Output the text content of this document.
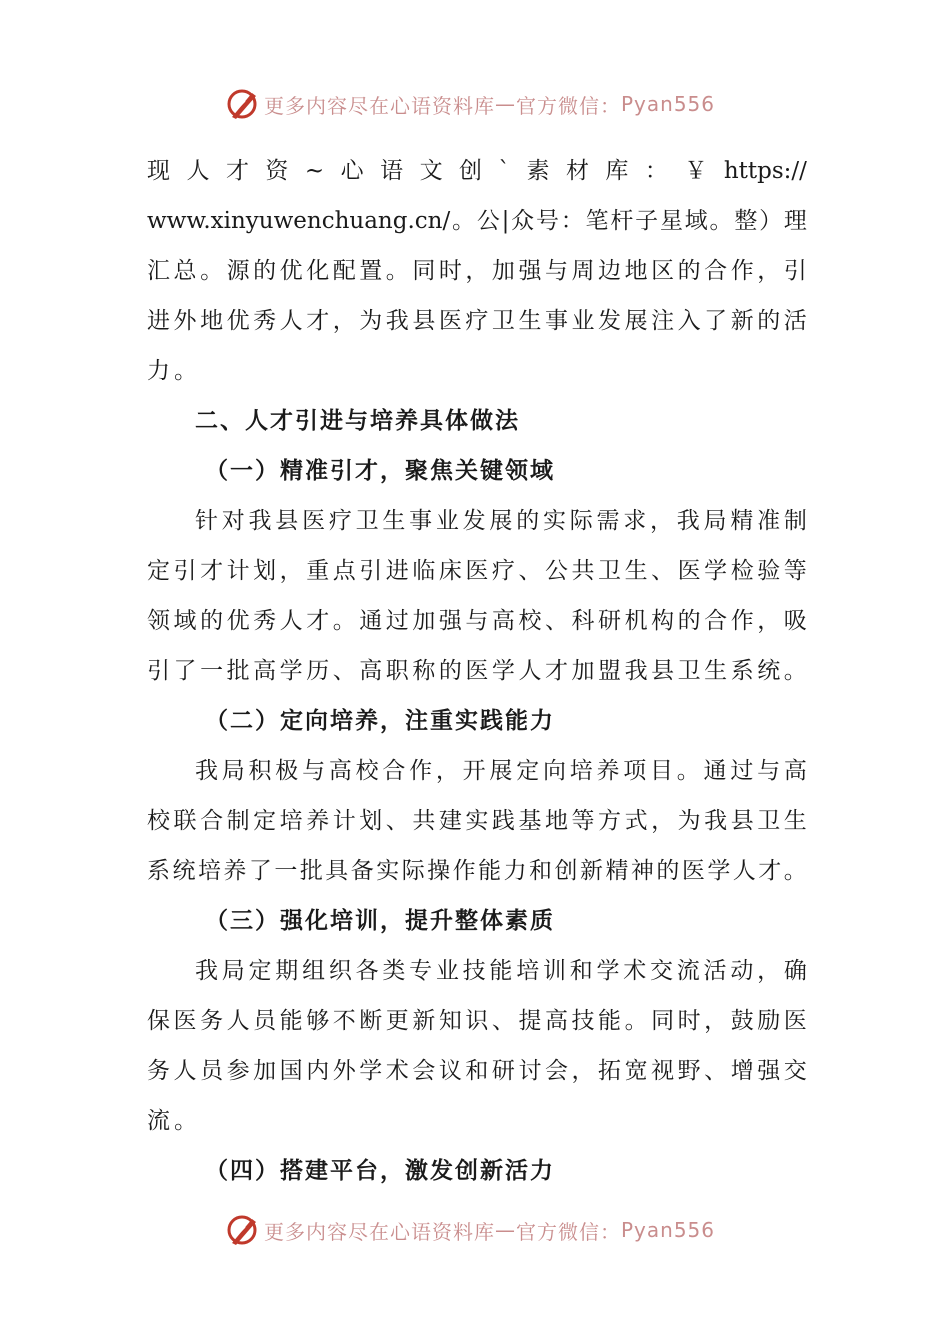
更多内容尽在心语资料库 — 官方微信： Pyan556
现 人 才 资 ~ 心 语 文 创 ` 素 材 库 ： ￥ https://
www.xinyuwenchuang.cn/ 。 公 | 众 号 ： 笔 杆 子 星 域 。 整 ） 理
汇 总 。 源 的 优 化 配 置 。 同 时 ， 加 强 与 周 边 地 区 的 合 作 ， 引
进 外 地 优 秀 人 才 ， 为 我 县 医 疗 卫 生 事 业 发 展 注 入 了 新 的 活
力。
二、人才引进与培养具体做法
（一）精准引才，聚焦关键领域
针 对 我 县 医 疗 卫 生 事 业 发 展 的 实 际 需 求 ， 我 局 精 准 制
定 引 才 计 划 ， 重 点 引 进 临 床 医 疗 、 公 共 卫 生 、 医 学 检 验 等
领 域 的 优 秀 人 才 。 通 过 加 强 与 高 校 、 科 研 机 构 的 合 作 ， 吸
引 了 一 批 高 学 历 、 高 职 称 的 医 学 人 才 加 盟 我 县 卫 生 系 统 。
（二）定向培养，注重实践能力
我 局 积 极 与 高 校 合 作 ， 开 展 定 向 培 养 项 目 。 通 过 与 高
校 联 合 制 定 培 养 计 划 、 共 建 实 践 基 地 等 方 式 ， 为 我 县 卫 生
系 统 培 养 了 一 批 具 备 实 际 操 作 能 力 和 创 新 精 神 的 医 学 人 才 。
（三）强化培训，提升整体素质
我 局 定 期 组 织 各 类 专 业 技 能 培 训 和 学 术 交 流 活 动 ， 确
保 医 务 人 员 能 够 不 断 更 新 知 识 、 提 高 技 能 。 同 时 ， 鼓 励 医
务 人 员 参 加 国 内 外 学 术 会 议 和 研 讨 会 ， 拓 宽 视 野 、 增 强 交
流。
（四）搭建平台，激发创新活力
更多内容尽在心语资料库 — 官方微信： Pyan556
